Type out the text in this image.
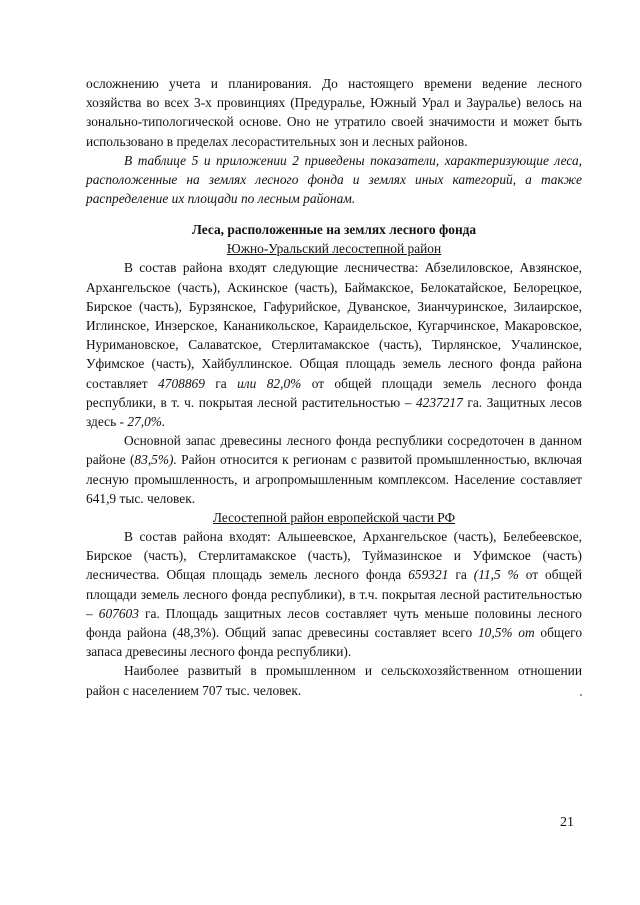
осложнению учета и планирования. До настоящего времени ведение лесного хозяйства во всех 3-х провинциях (Предуралье, Южный Урал и Зауралье) велось на зонально-типологической основе. Оно не утратило своей значимости и может быть использовано в пределах лесорастительных зон и лесных районов.

В таблице 5 и приложении 2 приведены показатели, характеризующие леса, расположенные на землях лесного фонда и землях иных категорий, а также распределение их площади по лесным районам.

Леса, расположенные на землях лесного фонда
Южно-Уральский лесостепной район

В состав района входят следующие лесничества: Абзелиловское, Авзянское, Архангельское (часть), Аскинское (часть), Баймакское, Белокатайское, Белорецкое, Бирское (часть), Бурзянское, Гафурийское, Дуванское, Зианчуринское, Зилаирское, Иглинское, Инзерское, Кананикольское, Караидельское, Кугарчинское, Макаровское, Нуримановское, Салаватское, Стерлитамакское (часть), Тирлянское, Учалинское, Уфимское (часть), Хайбуллинское. Общая площадь земель лесного фонда района составляет 4708869 га или 82,0% от общей площади земель лесного фонда республики, в т. ч. покрытая лесной растительностью – 4237217 га. Защитных лесов здесь - 27,0%.

Основной запас древесины лесного фонда республики сосредоточен в данном районе (83,5%). Район относится к регионам с развитой промышленностью, включая лесную промышленность, и агропромышленным комплексом. Население составляет 641,9 тыс. человек.

Лесостепной район европейской части РФ

В состав района входят: Альшеевское, Архангельское (часть), Белебеевское, Бирское (часть), Стерлитамакское (часть), Туймазинское и Уфимское (часть) лесничества. Общая площадь земель лесного фонда 659321 га (11,5 % от общей площади земель лесного фонда республики), в т.ч. покрытая лесной растительностью – 607603 га. Площадь защитных лесов составляет чуть меньше половины лесного фонда района (48,3%). Общий запас древесины составляет всего 10,5% от общего запаса древесины лесного фонда республики).

Наиболее развитый в промышленном и сельскохозяйственном отношении район с населением 707 тыс. человек.

21
